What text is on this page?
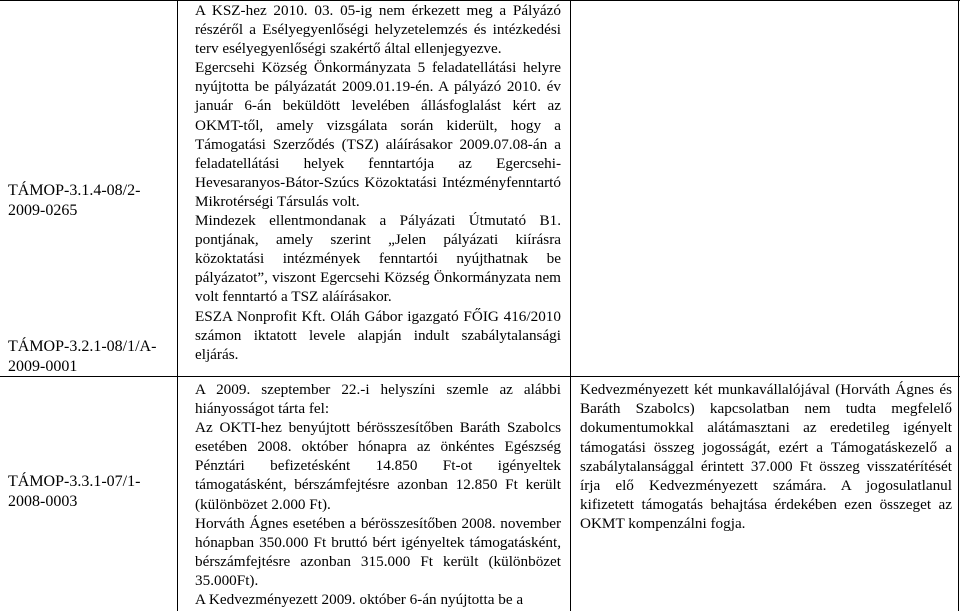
TÁMOP-3.1.4-08/2-2009-0265
TÁMOP-3.2.1-08/1/A-2009-0001
TÁMOP-3.3.1-07/1-2008-0003

A KSZ-hez 2010. 03. 05-ig nem érkezett meg a Pályázó részéről a Esélyegyenlőségi helyzetelemzés és intézkedési terv esélyegyenlőségi szakértő által ellenjegyezve.

Egercsehi Község Önkormányzata 5 feladatellátási helyre nyújtotta be pályázatát 2009.01.19-én. A pályázó 2010. év január 6-án beküldött levelében állásfoglalást kért az OKMT-től, amely vizsgálata során kiderült, hogy a Támogatási Szerződés (TSZ) aláírásakor 2009.07.08-án a feladatellátási helyek fenntartója az Egercsehi-Hevesaranyos-Bátor-Szúcs Közoktatási Intézményfenntartó Mikrotérségi Társulás volt.

Mindezek ellentmondanak a Pályázati Útmutató B1. pontjának, amely szerint „Jelen pályázati kiírásra közoktatási intézmények fenntartói nyújthatnak be pályázatot”, viszont Egercsehi Község Önkormányzata nem volt fenntartó a TSZ aláírásakor.

ESZA Nonprofit Kft. Oláh Gábor igazgató FŐIG 416/2010 számon iktatott levele alapján indult szabálytalansági eljárás.

A 2009. szeptember 22.-i helyszíni szemle az alábbi hiányosságot tárta fel:

Az OKTI-hez benyújtott bérösszesítőben Baráth Szabolcs esetében 2008. október hónapra az önkéntes Egészség Pénztári befizetésként 14.850 Ft-ot igényeltek támogatásként, bérszámfejtésre azonban 12.850 Ft került (különbözet 2.000 Ft).

Horváth Ágnes esetében a bérösszesítőben 2008. november hónapban 350.000 Ft bruttó bért igényeltek támogatásként, bérszámfejtésre azonban 315.000 Ft került (különbözet 35.000Ft).

A Kedvezményezett 2009. október 6-án nyújtotta be a

Kedvezményezett két munkavállalójával (Horváth Ágnes és Baráth Szabolcs) kapcsolatban nem tudta megfelelő dokumentumokkal alátámasztani az eredetileg igényelt támogatási összeg jogosságát, ezért a Támogatáskezelő a szabálytalansággal érintett 37.000 Ft összeg visszatérítését írja elő Kedvezményezett számára. A jogosulatlanul kifizetett támogatás behajtása érdekében ezen összeget az OKMT kompenzálni fogja.
